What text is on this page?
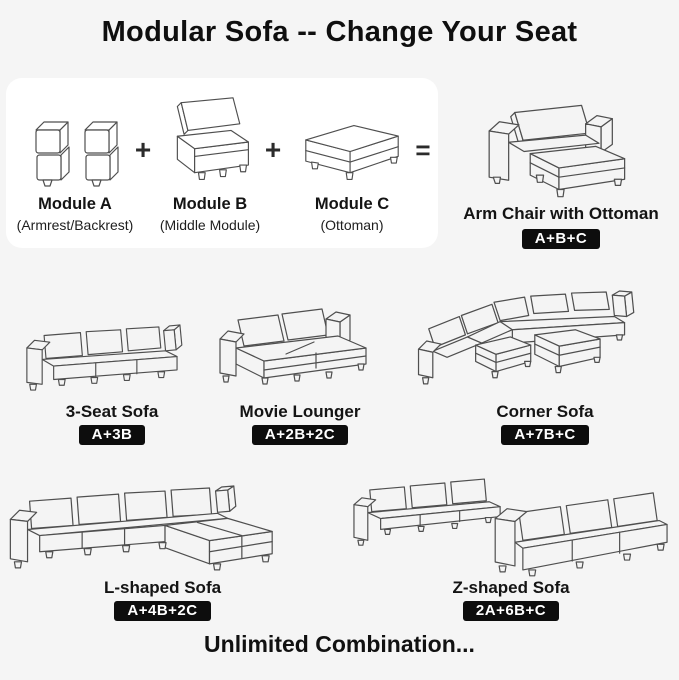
Modular Sofa -- Change Your Seat
Module A
(Armrest/Backrest)
+
Module B
(Middle Module)
+
Module C
(Ottoman)
=
Arm Chair with Ottoman
A+B+C
3-Seat Sofa
A+3B
Movie Lounger
A+2B+2C
Corner Sofa
A+7B+C
L-shaped Sofa
A+4B+2C
Z-shaped Sofa
2A+6B+C
Unlimited Combination...
